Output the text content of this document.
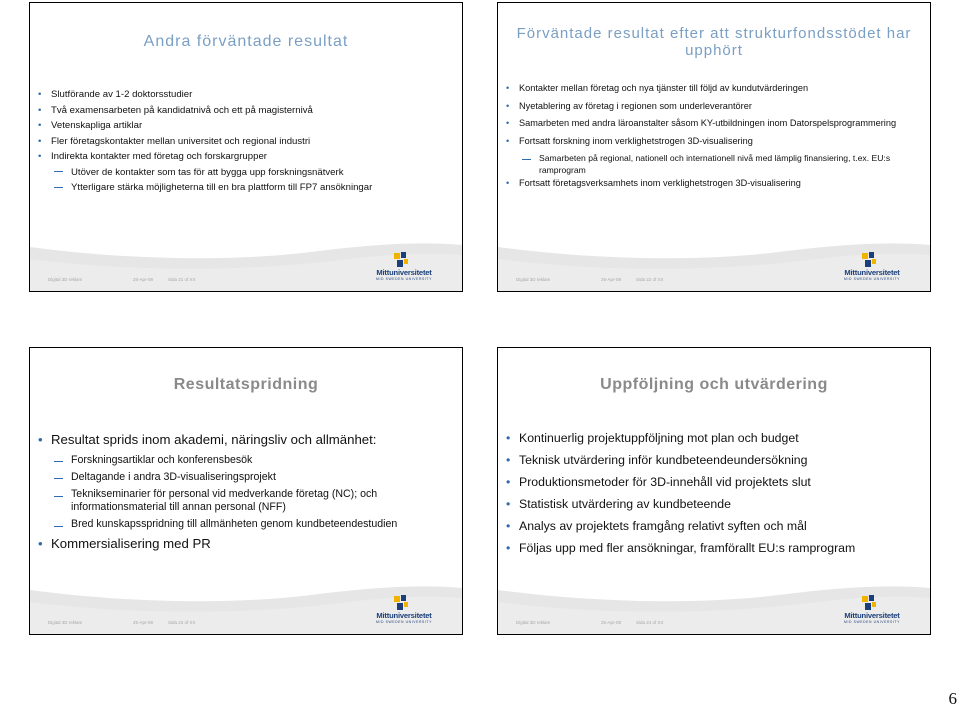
Andra förväntade resultat
• Slutförande av 1-2 doktorsstudier
• Två examensarbeten på kandidatnivå och ett på magisternivå
• Vetenskapliga artiklar
• Fler företagskontakter mellan universitet och regional industri
• Indirekta kontakter med företag och forskargrupper
Utöver de kontakter som tas för att bygga upp forskningsnätverk
Ytterligare stärka möjligheterna till en bra plattform till FP7 ansökningar
Digital 3D reklam	25-Apr-08	Sida 21 of XX
Mittuniversitetet
MID SWEDEN UNIVERSITY
Förväntade resultat efter att strukturfondsstödet har upphört
• Kontakter mellan företag och nya tjänster till följd av kundutvärderingen
• Nyetablering av företag i regionen som underleverantörer
• Samarbeten med andra läroanstalter såsom KY-utbildningen inom Datorspelsprogrammering
• Fortsatt forskning inom verklighetstrogen 3D-visualisering
Samarbeten på regional, nationell och internationell nivå med lämplig finansiering, t.ex. EU:s ramprogram
• Fortsatt företagsverksamhets inom verklighetstrogen 3D-visualisering
Digital 3D reklam	25-Apr-08	Sida 22 of XX
Mittuniversitetet
MID SWEDEN UNIVERSITY
Resultatspridning
• Resultat sprids inom akademi, näringsliv och allmänhet:
Forskningsartiklar och konferensbesök
Deltagande i andra 3D-visualiseringsprojekt
Teknikseminarier för personal vid medverkande företag (NC); och informationsmaterial till annan personal (NFF)
Bred kunskapsspridning till allmänheten genom kundbeteendestudien
• Kommersialisering med PR
Digital 3D reklam	25-Apr-08	Sida 23 of XX
Mittuniversitetet
MID SWEDEN UNIVERSITY
Uppföljning och utvärdering
• Kontinuerlig projektuppföljning mot plan och budget
• Teknisk utvärdering inför kundbeteendeundersökning
• Produktionsmetoder för 3D-innehåll vid projektets slut
• Statistisk utvärdering av kundbeteende
• Analys av projektets framgång relativt syften och mål
• Följas upp med fler ansökningar, framförallt EU:s ramprogram
Digital 3D reklam	25-Apr-08	Sida 24 of XX
Mittuniversitetet
MID SWEDEN UNIVERSITY
6
